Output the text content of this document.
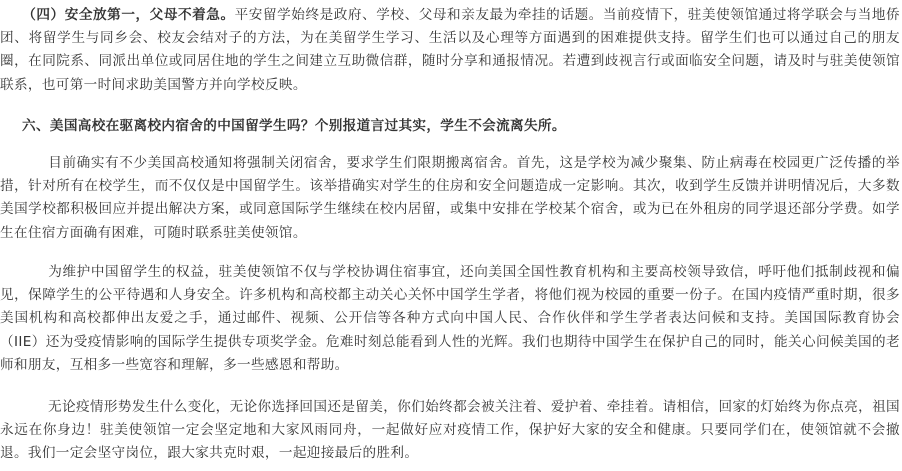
（四）安全放第一，父母不着急。平安留学始终是政府、学校、父母和亲友最为牵挂的话题。当前疫情下，驻美使领馆通过将学联会与当地侨团、将留学生与同乡会、校友会结对子的方法，为在美留学生学习、生活以及心理等方面遇到的困难提供支持。留学生们也可以通过自己的朋友圈，在同院系、同派出单位或同居住地的学生之间建立互助微信群，随时分享和通报情况。若遭到歧视言行或面临安全问题，请及时与驻美使领馆联系，也可第一时间求助美国警方并向学校反映。

六、美国高校在驱离校内宿舍的中国留学生吗？个别报道言过其实，学生不会流离失所。

目前确实有不少美国高校通知将强制关闭宿舍，要求学生们限期搬离宿舍。首先，这是学校为减少聚集、防止病毒在校园更广泛传播的举措，针对所有在校学生，而不仅仅是中国留学生。该举措确实对学生的住房和安全问题造成一定影响。其次，收到学生反馈并讲明情况后，大多数美国学校都积极回应并提出解决方案，或同意国际学生继续在校内居留，或集中安排在学校某个宿舍，或为已在外租房的同学退还部分学费。如学生在住宿方面确有困难，可随时联系驻美使领馆。

为维护中国留学生的权益，驻美使领馆不仅与学校协调住宿事宜，还向美国全国性教育机构和主要高校领导致信，呼吁他们抵制歧视和偏见，保障学生的公平待遇和人身安全。许多机构和高校都主动关心关怀中国学生学者，将他们视为校园的重要一份子。在国内疫情严重时期，很多美国机构和高校都伸出友爱之手，通过邮件、视频、公开信等各种方式向中国人民、合作伙伴和学生学者表达问候和支持。美国国际教育协会（IIE）还为受疫情影响的国际学生提供专项奖学金。危难时刻总能看到人性的光辉。我们也期待中国学生在保护自己的同时，能关心问候美国的老师和朋友，互相多一些宽容和理解，多一些感恩和帮助。

无论疫情形势发生什么变化，无论你选择回国还是留美，你们始终都会被关注着、爱护着、牵挂着。请相信，回家的灯始终为你点亮，祖国永远在你身边！驻美使领馆一定会坚定地和大家风雨同舟，一起做好应对疫情工作，保护好大家的安全和健康。只要同学们在，使领馆就不会撤退。我们一定会坚守岗位，跟大家共克时艰，一起迎接最后的胜利。
